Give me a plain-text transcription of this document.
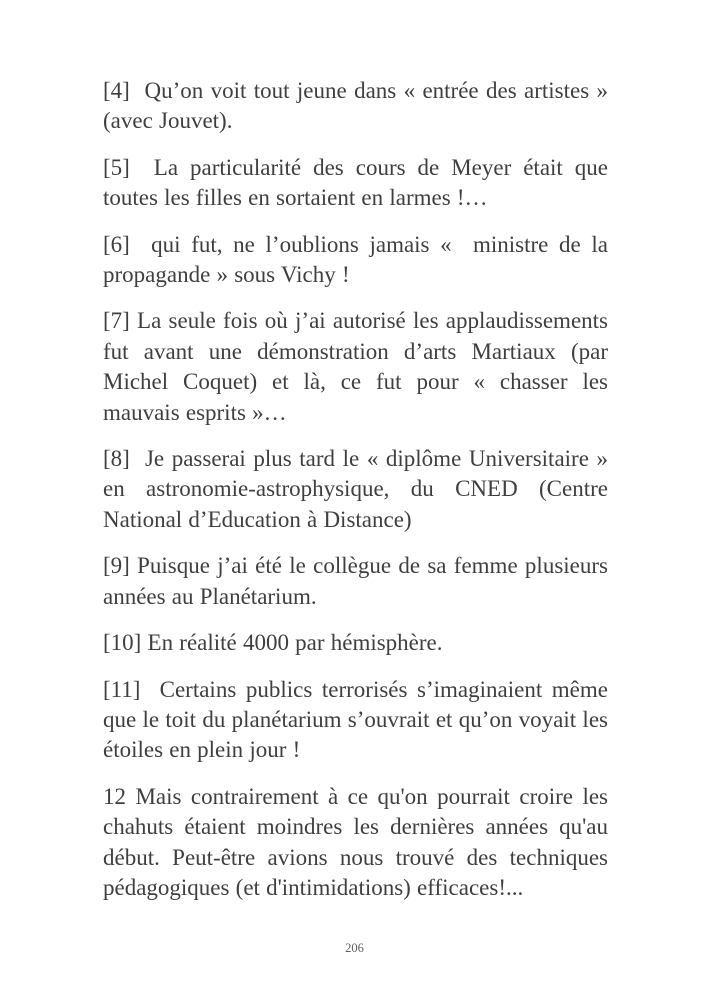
[4]  Qu’on voit tout jeune dans « entrée des artistes » (avec Jouvet).

[5]  La particularité des cours de Meyer était que toutes les filles en sortaient en larmes !…

[6]  qui fut, ne l’oublions jamais «  ministre de la propagande » sous Vichy !

[7] La seule fois où j’ai autorisé les applaudissements fut avant une démonstration d’arts Martiaux (par Michel Coquet) et là, ce fut pour « chasser les mauvais esprits »…

[8]  Je passerai plus tard le « diplôme Universitaire » en astronomie-astrophysique, du CNED (Centre National d’Education à Distance)

[9] Puisque j’ai été le collègue de sa femme plusieurs années au Planétarium.

[10] En réalité 4000 par hémisphère.

[11]  Certains publics terrorisés s’imaginaient même que le toit du planétarium s’ouvrait et qu’on voyait les étoiles en plein jour !

12 Mais contrairement à ce qu'on pourrait croire les chahuts étaient moindres les dernières années qu'au début. Peut-être avions nous trouvé des techniques pédagogiques (et d'intimidations) efficaces!...

206
